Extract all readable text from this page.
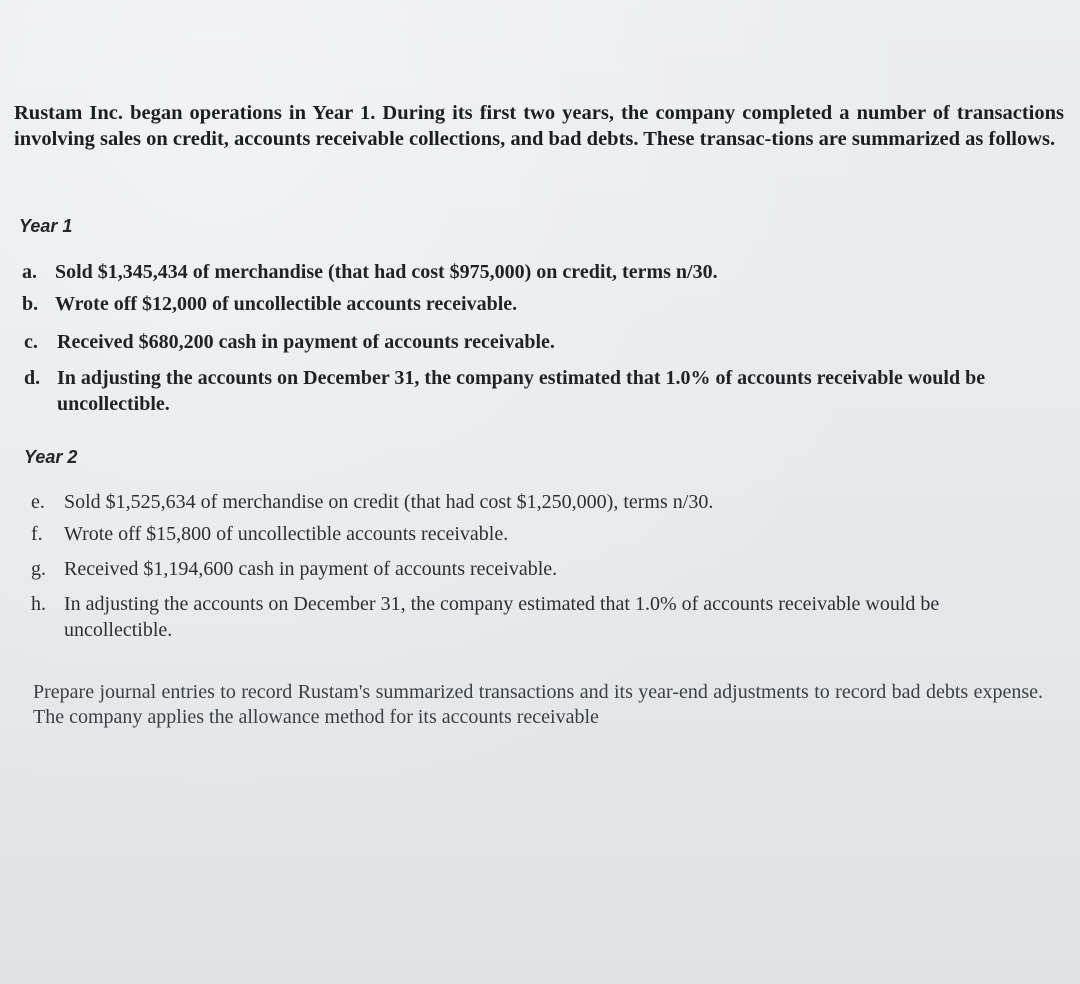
Rustam Inc. began operations in Year 1. During its first two years, the company completed a number of transactions involving sales on credit, accounts receivable collections, and bad debts. These transac-tions are summarized as follows.

Year 1

a. Sold $1,345,434 of merchandise (that had cost $975,000) on credit, terms n/30.

b. Wrote off $12,000 of uncollectible accounts receivable.

c. Received $680,200 cash in payment of accounts receivable.

d. In adjusting the accounts on December 31, the company estimated that 1.0% of accounts receivable would be uncollectible.

Year 2

e. Sold $1,525,634 of merchandise on credit (that had cost $1,250,000), terms n/30.

f. Wrote off $15,800 of uncollectible accounts receivable.

g. Received $1,194,600 cash in payment of accounts receivable.

h. In adjusting the accounts on December 31, the company estimated that 1.0% of accounts receivable would be uncollectible.

Prepare journal entries to record Rustam's summarized transactions and its year-end adjustments to record bad debts expense. The company applies the allowance method for its accounts receivable
